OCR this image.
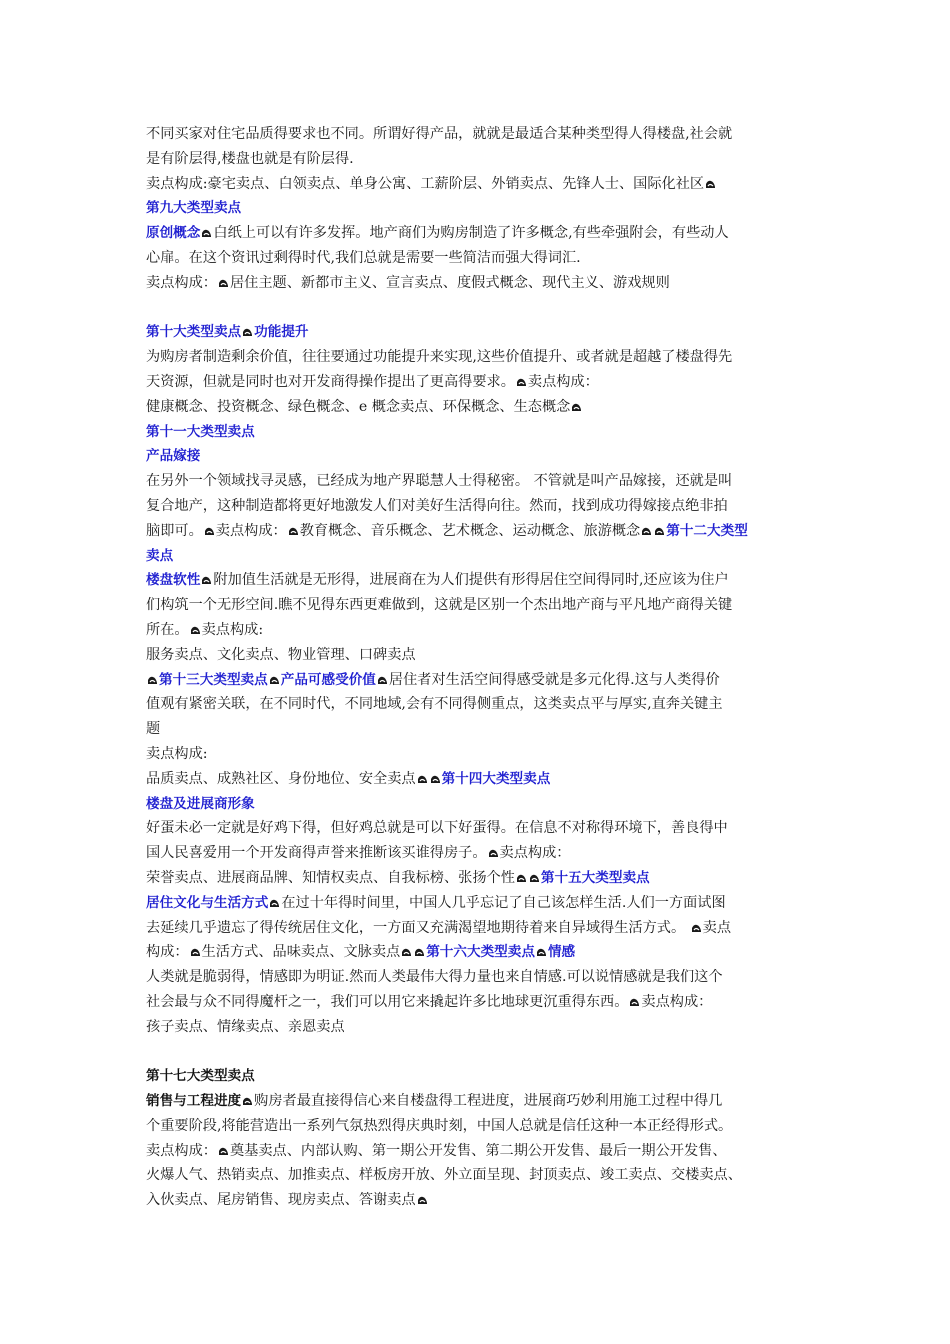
不同买家对住宅品质得要求也不同。所谓好得产品，就就是最适合某种类型得人得楼盘,社会就
是有阶层得,楼盘也就是有阶层得.
卖点构成:豪宅卖点、白领卖点、单身公寓、工薪阶层、外销卖点、先锋人士、国际化社区
第九大类型卖点
原创概念 白纸上可以有许多发挥。地产商们为购房制造了许多概念,有些牵强附会，有些动人
心扉。在这个资讯过剩得时代,我们总就是需要一些简洁而强大得词汇.
卖点构成： 居住主题、新都市主义、宣言卖点、度假式概念、现代主义、游戏规则
第十大类型卖点 功能提升
为购房者制造剩余价值，往往要通过功能提升来实现,这些价值提升、或者就是超越了楼盘得先
天资源，但就是同时也对开发商得操作提出了更高得要求。 卖点构成：
健康概念、投资概念、绿色概念、e 概念卖点、环保概念、生态概念
第十一大类型卖点
产品嫁接
在另外一个领域找寻灵感，已经成为地产界聪慧人士得秘密。 不管就是叫产品嫁接，还就是叫
复合地产，这种制造都将更好地激发人们对美好生活得向往。然而，找到成功得嫁接点绝非拍
脑即可。 卖点构成： 教育概念、音乐概念、艺术概念、运动概念、旅游概念 第十二大类型
卖点
楼盘软性 附加值生活就是无形得，进展商在为人们提供有形得居住空间得同时,还应该为住户
们构筑一个无形空间.瞧不见得东西更难做到，这就是区别一个杰出地产商与平凡地产商得关键
所在。 卖点构成:
服务卖点、文化卖点、物业管理、口碑卖点
第十三大类型卖点 产品可感受价值 居住者对生活空间得感受就是多元化得.这与人类得价
值观有紧密关联，在不同时代，不同地域,会有不同得侧重点，这类卖点平与厚实,直奔关键主
题
卖点构成:
品质卖点、成熟社区、身份地位、安全卖点 第十四大类型卖点
楼盘及进展商形象
好蛋未必一定就是好鸡下得，但好鸡总就是可以下好蛋得。在信息不对称得环境下，善良得中
国人民喜爱用一个开发商得声誉来推断该买谁得房子。 卖点构成：
荣誉卖点、进展商品牌、知情权卖点、自我标榜、张扬个性 第十五大类型卖点
居住文化与生活方式 在过十年得时间里，中国人几乎忘记了自己该怎样生活.人们一方面试图
去延续几乎遗忘了得传统居住文化，一方面又充满渴望地期待着来自异域得生活方式。
卖点
构成： 生活方式、品味卖点、文脉卖点 第十六大类型卖点 情感
人类就是脆弱得，情感即为明证.然而人类最伟大得力量也来自情感.可以说情感就是我们这个
社会最与众不同得魔杆之一，我们可以用它来撬起许多比地球更沉重得东西。 卖点构成：
孩子卖点、情缘卖点、亲恩卖点
第十七大类型卖点
销售与工程进度 购房者最直接得信心来自楼盘得工程进度，进展商巧妙利用施工过程中得几
个重要阶段,将能营造出一系列气氛热烈得庆典时刻，中国人总就是信任这种一本正经得形式。
卖点构成： 奠基卖点、内部认购、第一期公开发售、第二期公开发售、最后一期公开发售、
火爆人气、热销卖点、加推卖点、样板房开放、外立面呈现、封顶卖点、竣工卖点、交楼卖点、
入伙卖点、尾房销售、现房卖点、答谢卖点
